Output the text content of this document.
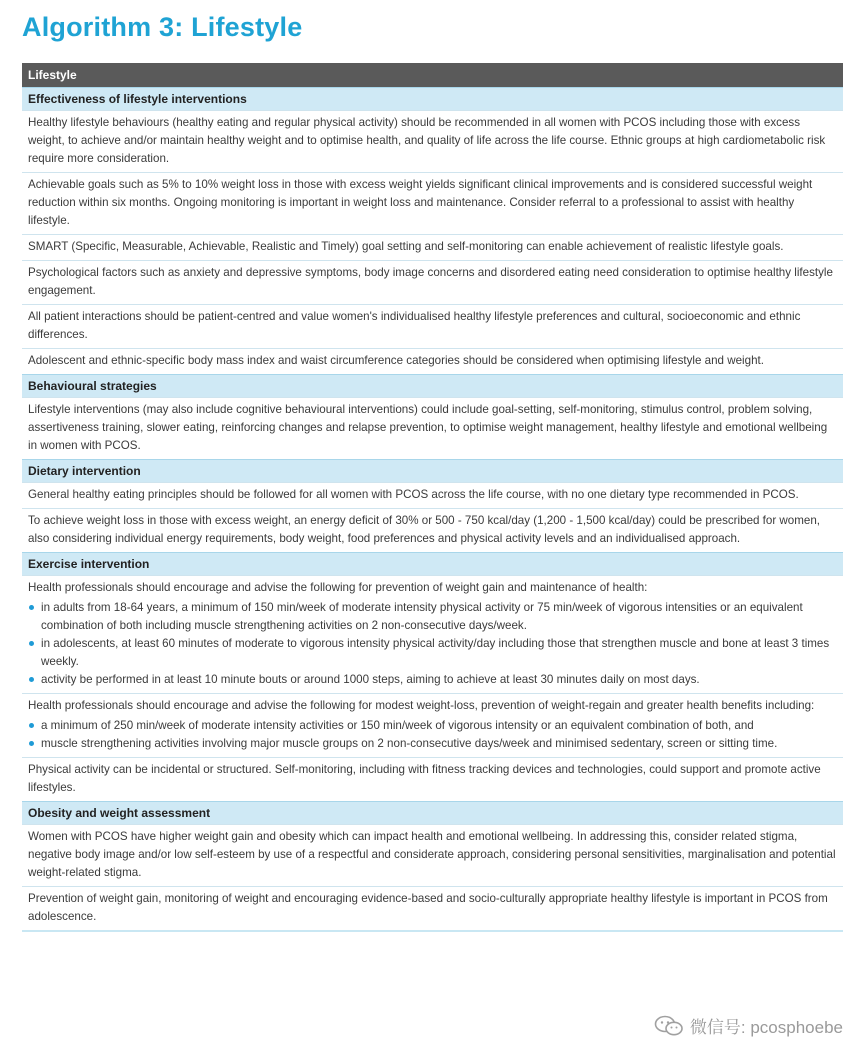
Algorithm 3: Lifestyle
Lifestyle
Effectiveness of lifestyle interventions

Healthy lifestyle behaviours (healthy eating and regular physical activity) should be recommended in all women with PCOS including those with excess weight, to achieve and/or maintain healthy weight and to optimise health, and quality of life across the life course. Ethnic groups at high cardiometabolic risk require more consideration.

Achievable goals such as 5% to 10% weight loss in those with excess weight yields significant clinical improvements and is considered successful weight reduction within six months. Ongoing monitoring is important in weight loss and maintenance. Consider referral to a professional to assist with healthy lifestyle.

SMART (Specific, Measurable, Achievable, Realistic and Timely) goal setting and self-monitoring can enable achievement of realistic lifestyle goals.

Psychological factors such as anxiety and depressive symptoms, body image concerns and disordered eating need consideration to optimise healthy lifestyle engagement.

All patient interactions should be patient-centred and value women's individualised healthy lifestyle preferences and cultural, socioeconomic and ethnic differences.

Adolescent and ethnic-specific body mass index and waist circumference categories should be considered when optimising lifestyle and weight.

Behavioural strategies

Lifestyle interventions (may also include cognitive behavioural interventions) could include goal-setting, self-monitoring, stimulus control, problem solving, assertiveness training, slower eating, reinforcing changes and relapse prevention, to optimise weight management, healthy lifestyle and emotional wellbeing in women with PCOS.

Dietary intervention

General healthy eating principles should be followed for all women with PCOS across the life course, with no one dietary type recommended in PCOS.

To achieve weight loss in those with excess weight, an energy deficit of 30% or 500 - 750 kcal/day (1,200 - 1,500 kcal/day) could be prescribed for women, also considering individual energy requirements, body weight, food preferences and physical activity levels and an individualised approach.

Exercise intervention

Health professionals should encourage and advise the following for prevention of weight gain and maintenance of health:

in adults from 18-64 years, a minimum of 150 min/week of moderate intensity physical activity or 75 min/week of vigorous intensities or an equivalent combination of both including muscle strengthening activities on 2 non-consecutive days/week.
in adolescents, at least 60 minutes of moderate to vigorous intensity physical activity/day including those that strengthen muscle and bone at least 3 times weekly.
activity be performed in at least 10 minute bouts or around 1000 steps, aiming to achieve at least 30 minutes daily on most days.

Health professionals should encourage and advise the following for modest weight-loss, prevention of weight-regain and greater health benefits including:

a minimum of 250 min/week of moderate intensity activities or 150 min/week of vigorous intensity or an equivalent combination of both, and
muscle strengthening activities involving major muscle groups on 2 non-consecutive days/week and minimised sedentary, screen or sitting time.

Physical activity can be incidental or structured. Self-monitoring, including with fitness tracking devices and technologies, could support and promote active lifestyles.

Obesity and weight assessment

Women with PCOS have higher weight gain and obesity which can impact health and emotional wellbeing. In addressing this, consider related stigma, negative body image and/or low self-esteem by use of a respectful and considerate approach, considering personal sensitivities, marginalisation and potential weight-related stigma.

Prevention of weight gain, monitoring of weight and encouraging evidence-based and socio-culturally appropriate healthy lifestyle is important in PCOS from adolescence.

微信号: pcosphoebe
